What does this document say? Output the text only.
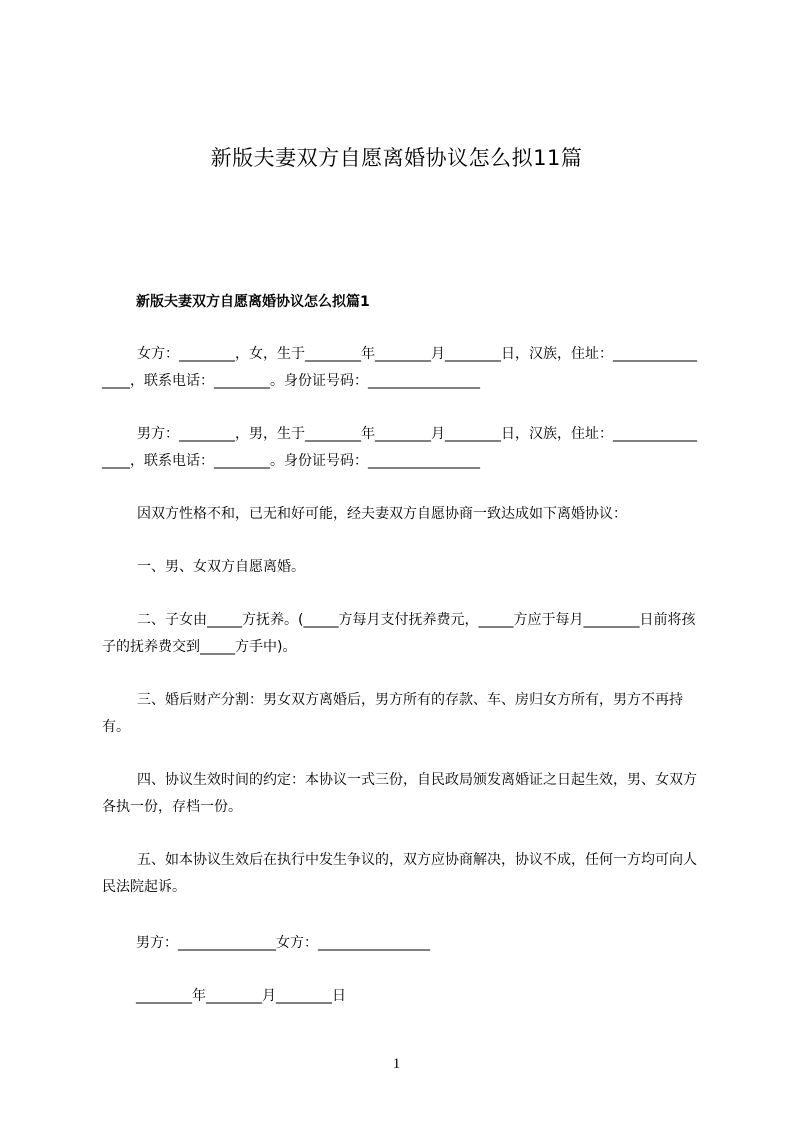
新版夫妻双方自愿离婚协议怎么拟11篇
新版夫妻双方自愿离婚协议怎么拟篇1
女方：________，女，生于________年________月________日，汉族，住址：________________，联系电话：________。身份证号码：________________
男方：________，男，生于________年________月________日，汉族，住址：________________，联系电话：________。身份证号码：________________
因双方性格不和，已无和好可能，经夫妻双方自愿协商一致达成如下离婚协议：
一、男、女双方自愿离婚。
二、子女由_____方抚养。(_____方每月支付抚养费元，_____方应于每月________日前将孩子的抚养费交到_____方手中)。
三、婚后财产分割：男女双方离婚后，男方所有的存款、车、房归女方所有，男方不再持有。
四、协议生效时间的约定：本协议一式三份，自民政局颁发离婚证之日起生效，男、女双方各执一份，存档一份。
五、如本协议生效后在执行中发生争议的，双方应协商解决，协议不成，任何一方均可向人民法院起诉。
男方：______________女方：________________
________年________月________日
1
